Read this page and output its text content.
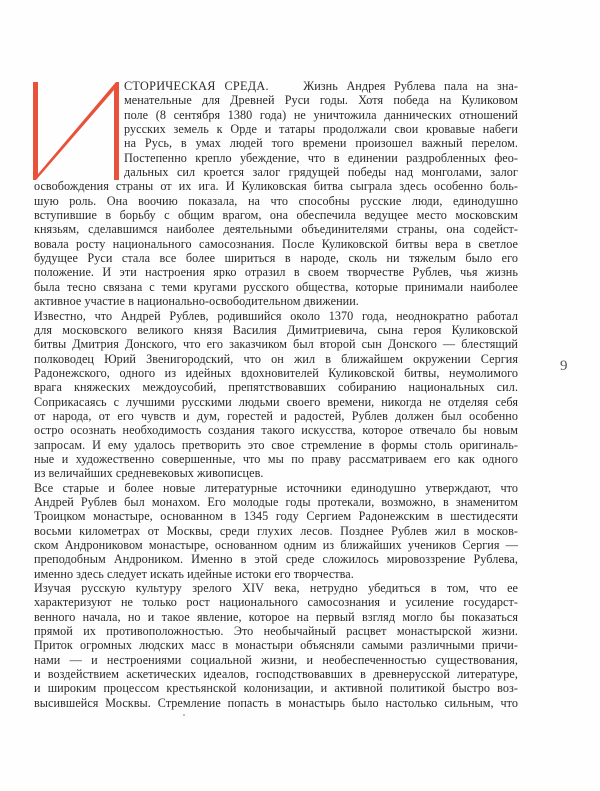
СТОРИЧЕСКАЯ СРЕДА.	Жизнь Андрея Рублева пала на зна-
менательные для Древней Руси годы. Хотя победа на Куликовом
поле (8 сентября 1380 года) не уничтожила даннических отношений
русских земель к Орде и татары продолжали свои кровавые набеги
на Русь, в умах людей того времени произошел важный перелом.
Постепенно крепло убеждение, что в единении раздробленных фео-
дальных сил кроется залог грядущей победы над монголами, залог
освобождения страны от их ига. И Куликовская битва сыграла здесь особенно боль-
шую роль. Она воочию показала, на что способны русские люди, единодушно
вступившие в борьбу с общим врагом, она обеспечила ведущее место московским
князьям, сделавшимся наиболее деятельными объединителями страны, она содейст-
вовала росту национального самосознания. После Куликовской битвы вера в светлое
будущее Руси стала все более шириться в народе, сколь ни тяжелым было его
положение. И эти настроения ярко отразил в своем творчестве Рублев, чья жизнь
была тесно связана с теми кругами русского общества, которые принимали наиболее
активное участие в национально-освободительном движении.
Известно, что Андрей Рублев, родившийся около 1370 года, неоднократно работал
для московского великого князя Василия Димитриевича, сына героя Куликовской
битвы Дмитрия Донского, что его заказчиком был второй сын Донского — блестящий
полководец Юрий Звенигородский, что он жил в ближайшем окружении Сергия
Радонежского, одного из идейных вдохновителей Куликовской битвы, неумолимого
врага княжеских междоусобий, препятствовавших собиранию национальных сил.
Соприкасаясь с лучшими русскими людьми своего времени, никогда не отделяя себя
от народа, от его чувств и дум, горестей и радостей, Рублев должен был особенно
остро осознать необходимость создания такого искусства, которое отвечало бы новым
запросам. И ему удалось претворить это свое стремление в формы столь оригиналь-
ные и художественно совершенные, что мы по праву рассматриваем его как одного
из величайших средневековых живописцев.
Все старые и более новые литературные источники единодушно утверждают, что
Андрей Рублев был монахом. Его молодые годы протекали, возможно, в знаменитом
Троицком монастыре, основанном в 1345 году Сергием Радонежским в шестидесяти
восьми километрах от Москвы, среди глухих лесов. Позднее Рублев жил в москов-
ском Андрониковом монастыре, основанном одним из ближайших учеников Сергия —
преподобным Андроником. Именно в этой среде сложилось мировоззрение Рублева,
именно здесь следует искать идейные истоки его творчества.
Изучая русскую культуру зрелого XIV века, нетрудно убедиться в том, что ее
характеризуют не только рост национального самосознания и усиление государст-
венного начала, но и такое явление, которое на первый взгляд могло бы показаться
прямой их противоположностью. Это необычайный расцвет монастырской жизни.
Приток огромных людских масс в монастыри объясняли самыми различными причи-
нами — и нестроениями социальной жизни, и необеспеченностью существования,
и воздействием аскетических идеалов, господствовавших в древнерусской литературе,
и широким процессом крестьянской колонизации, и активной политикой быстро воз-
высившейся Москвы. Стремление попасть в монастырь было настолько сильным, что
9
